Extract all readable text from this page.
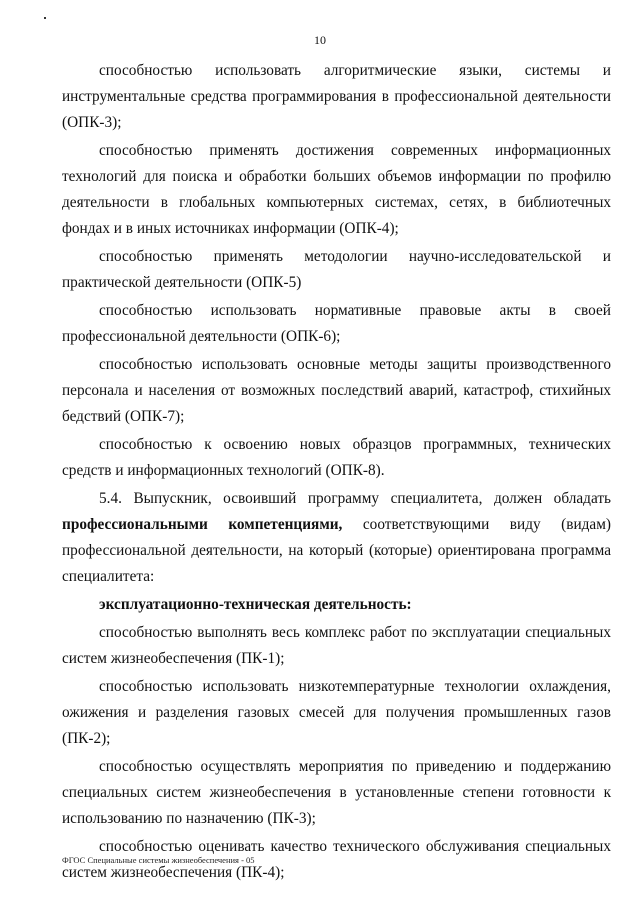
10

способностью использовать алгоритмические языки, системы и инструментальные средства программирования в профессиональной деятельности (ОПК-3);

способностью применять достижения современных информационных технологий для поиска и обработки больших объемов информации по профилю деятельности в глобальных компьютерных системах, сетях, в библиотечных фондах и в иных источниках информации (ОПК-4);

способностью применять методологии научно-исследовательской и практической деятельности (ОПК-5)

способностью использовать нормативные правовые акты в своей профессиональной деятельности (ОПК-6);

способностью использовать основные методы защиты производственного персонала и населения от возможных последствий аварий, катастроф, стихийных бедствий (ОПК-7);

способностью к освоению новых образцов программных, технических средств и информационных технологий (ОПК-8).

5.4. Выпускник, освоивший программу специалитета, должен обладать профессиональными компетенциями, соответствующими виду (видам) профессиональной деятельности, на который (которые) ориентирована программа специалитета:

эксплуатационно-техническая деятельность:

способностью выполнять весь комплекс работ по эксплуатации специальных систем жизнеобеспечения (ПК-1);

способностью использовать низкотемпературные технологии охлаждения, ожижения и разделения газовых смесей для получения промышленных газов (ПК-2);

способностью осуществлять мероприятия по приведению и поддержанию специальных систем жизнеобеспечения в установленные степени готовности к использованию по назначению (ПК-3);

способностью оценивать качество технического обслуживания специальных систем жизнеобеспечения (ПК-4);

ФГОС Специальные системы жизнеобеспечения - 05
